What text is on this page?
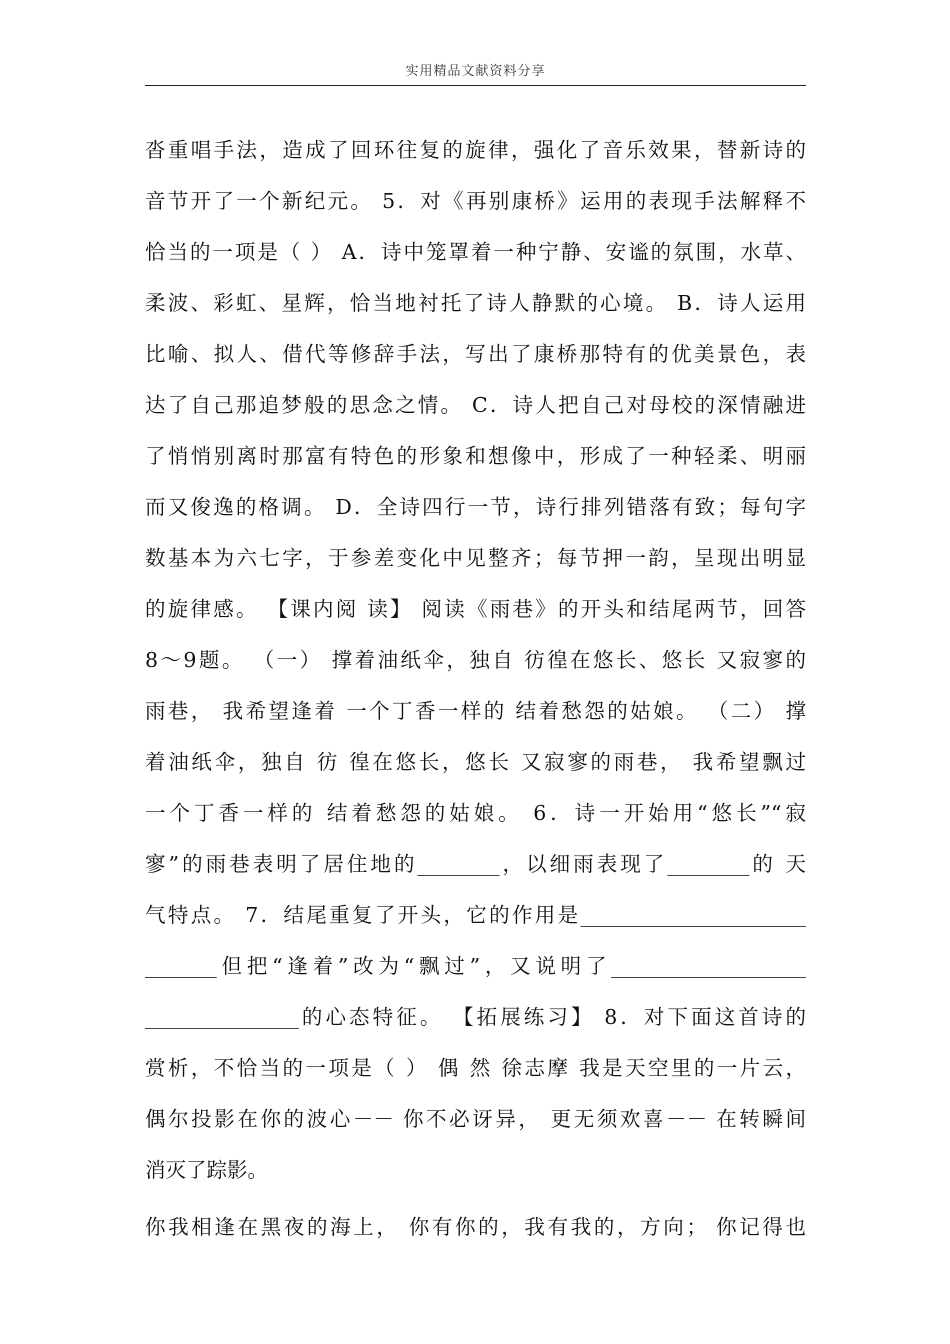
实用精品文献资料分享
沓重唱手法，造成了回环往复的旋律，强化了音乐效果，替新诗的
音节开了一个新纪元。 5．对《再别康桥》运用的表现手法解释不
恰当的一项是（ ） A．诗中笼罩着一种宁静、安谧的氛围，水草、
柔波、彩虹、星辉，恰当地衬托了诗人静默的心境。 B．诗人运用
比喻、拟人、借代等修辞手法，写出了康桥那特有的优美景色，表
达了自己那追梦般的思念之情。 C．诗人把自己对母校的深情融进
了悄悄别离时那富有特色的形象和想像中，形成了一种轻柔、明丽
而又俊逸的格调。 D．全诗四行一节，诗行排列错落有致；每句字
数基本为六七字，于参差变化中见整齐；每节押一韵，呈现出明显
的旋律感。 【课内阅 读】 阅读《雨巷》的开头和结尾两节，回答
8～9题。 （一） 撑着油纸伞，独自 彷徨在悠长、悠长 又寂寥的
雨巷， 我希望逢着 一个丁香一样的 结着愁怨的姑娘。 （二） 撑
着油纸伞，独自 彷 徨在悠长，悠长 又寂寥的雨巷， 我希望飘过
一个丁香一样的 结着愁怨的姑娘。 6．诗一开始用“悠长”“寂
寥”的雨巷表明了居住地的________，以细雨表现了________的 天
气特点。 7．结尾重复了开头，它的作用是______________________
_______但把“逢着”改为“飘过”，又说明了___________________
_______________的心态特征。 【拓展练习】 8．对下面这首诗的
赏析，不恰当的一项是（ ） 偶 然 徐志摩 我是天空里的一片云，
偶尔投影在你的波心－－ 你不必讶异， 更无须欢喜－－ 在转瞬间
消灭了踪影。
你我相逢在黑夜的海上， 你有你的，我有我的，方向； 你记得也
